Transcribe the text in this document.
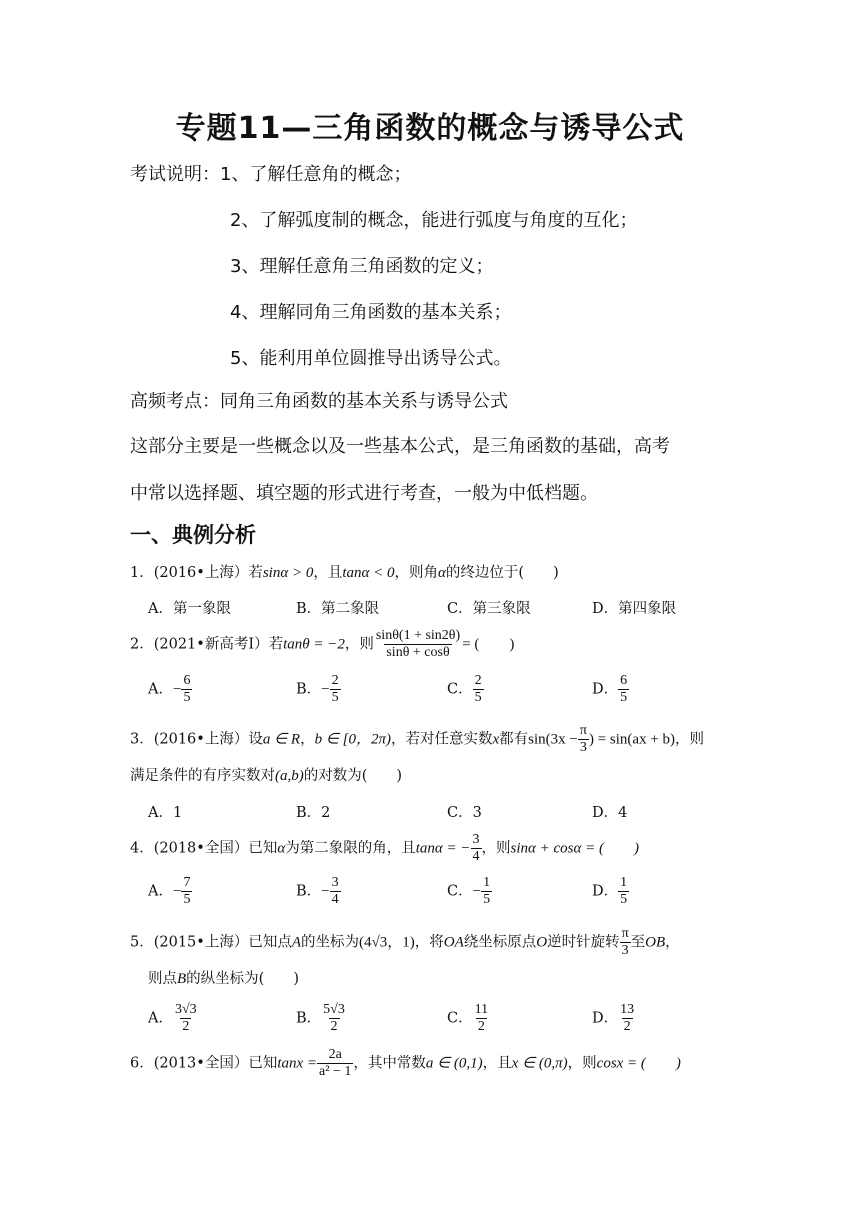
专题11—三角函数的概念与诱导公式
考试说明：1、了解任意角的概念；
2、了解弧度制的概念，能进行弧度与角度的互化；
3、理解任意角三角函数的定义；
4、理解同角三角函数的基本关系；
5、能利用单位圆推导出诱导公式。
高频考点：同角三角函数的基本关系与诱导公式
这部分主要是一些概念以及一些基本公式，是三角函数的基础，高考
中常以选择题、填空题的形式进行考查，一般为中低档题。
一、典例分析
1．(2016•上海）若sinα > 0，且tanα < 0，则角α的终边位于(　　)
A．第一象限	B．第二象限	C．第三象限	D．第四象限
2．(2021•新高考Ⅰ）若tanθ = −2，则 $\frac{\sin\theta(1 + \sin 2\theta)}{\sin\theta + \cos\theta}$ = (　　)
A．− $\frac{6}{5}$	B．− $\frac{2}{5}$	C． $\frac{2}{5}$	D． $\frac{6}{5}$
3．(2016•上海）设a ∈ R，b ∈ [0，2π)，若对任意实数x都有$\sin(3x - \frac{\pi}{3}$ ) = sin(ax + b)，则
满足条件的有序实数对(a,b)的对数为(　　)
A．1	B．2	C．3	D．4
4．(2018•全国）已知α为第二象限的角，且tanα = − $\frac{3}{4}$ ，则sinα + cosα = (　　)
A．− $\frac{7}{5}$	B．− $\frac{3}{4}$	C．− $\frac{1}{5}$	D． $\frac{1}{5}$
5．(2015•上海）已知点A的坐标为(4√3，1)，将OA绕坐标原点O逆时针旋转 $\frac{\pi}{3}$ 至OB，
则点B的纵坐标为(　　)
A． $\frac{3√3}{2}$	B． $\frac{5√3}{2}$	C． $\frac{11}{2}$	D． $\frac{13}{2}$
6．(2013•全国）已知$\tan x = \frac{2a}{\text{a² − 1}}$ ，其中常数a ∈ (0,1)，且x ∈ (0,π)，则cosx = (　　)
